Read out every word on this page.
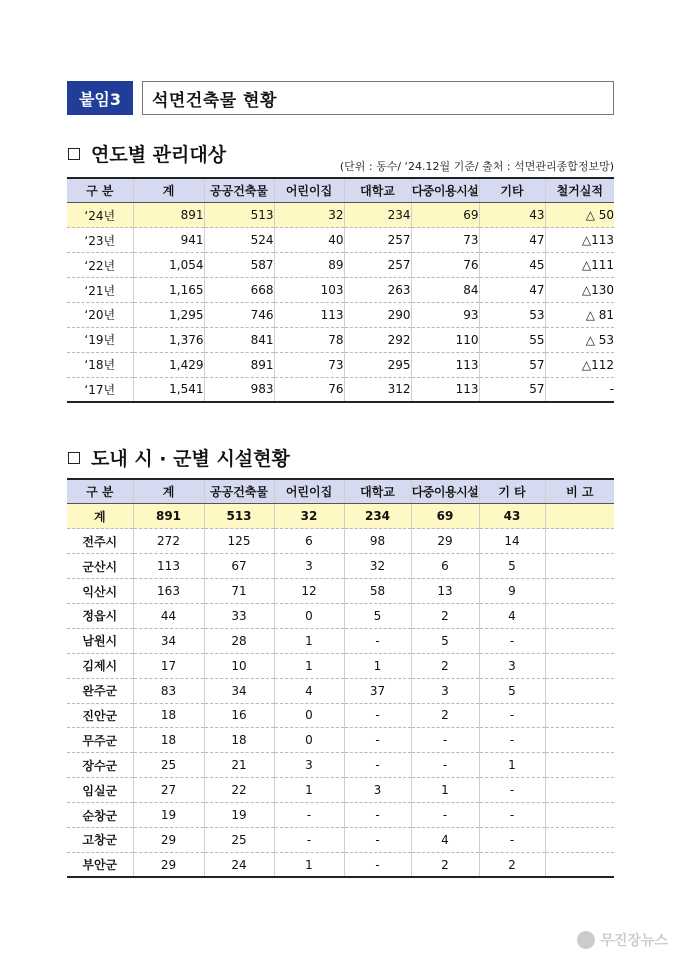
붙임3	석면건축물 현황
연도별 관리대상
(단위 : 동수/ ‘24.12월 기준/ 출처 : 석면관리종합정보망)
구 분	계	공공건축물	어린이집	대학교	다중이용시설	기타	철거실적
‘24년	891	513	32	234	69	43	△ 50
‘23년	941	524	40	257	73	47	△113
‘22년	1,054	587	89	257	76	45	△111
‘21년	1,165	668	103	263	84	47	△130
‘20년	1,295	746	113	290	93	53	△ 81
‘19년	1,376	841	78	292	110	55	△ 53
‘18년	1,429	891	73	295	113	57	△112
‘17년	1,541	983	76	312	113	57	-
도내 시 · 군별 시설현황
구 분	계	공공건축물	어린이집	대학교	다중이용시설	기 타	비 고
계	891	513	32	234	69	43	
전주시	272	125	6	98	29	14	
군산시	113	67	3	32	6	5	
익산시	163	71	12	58	13	9	
정읍시	44	33	0	5	2	4	
남원시	34	28	1	-	5	-	
김제시	17	10	1	1	2	3	
완주군	83	34	4	37	3	5	
진안군	18	16	0	-	2	-	
무주군	18	18	0	-	-	-	
장수군	25	21	3	-	-	1	
임실군	27	22	1	3	1	-	
순창군	19	19	-	-	-	-	
고창군	29	25	-	-	4	-	
부안군	29	24	1	-	2	2	
무진장뉴스
